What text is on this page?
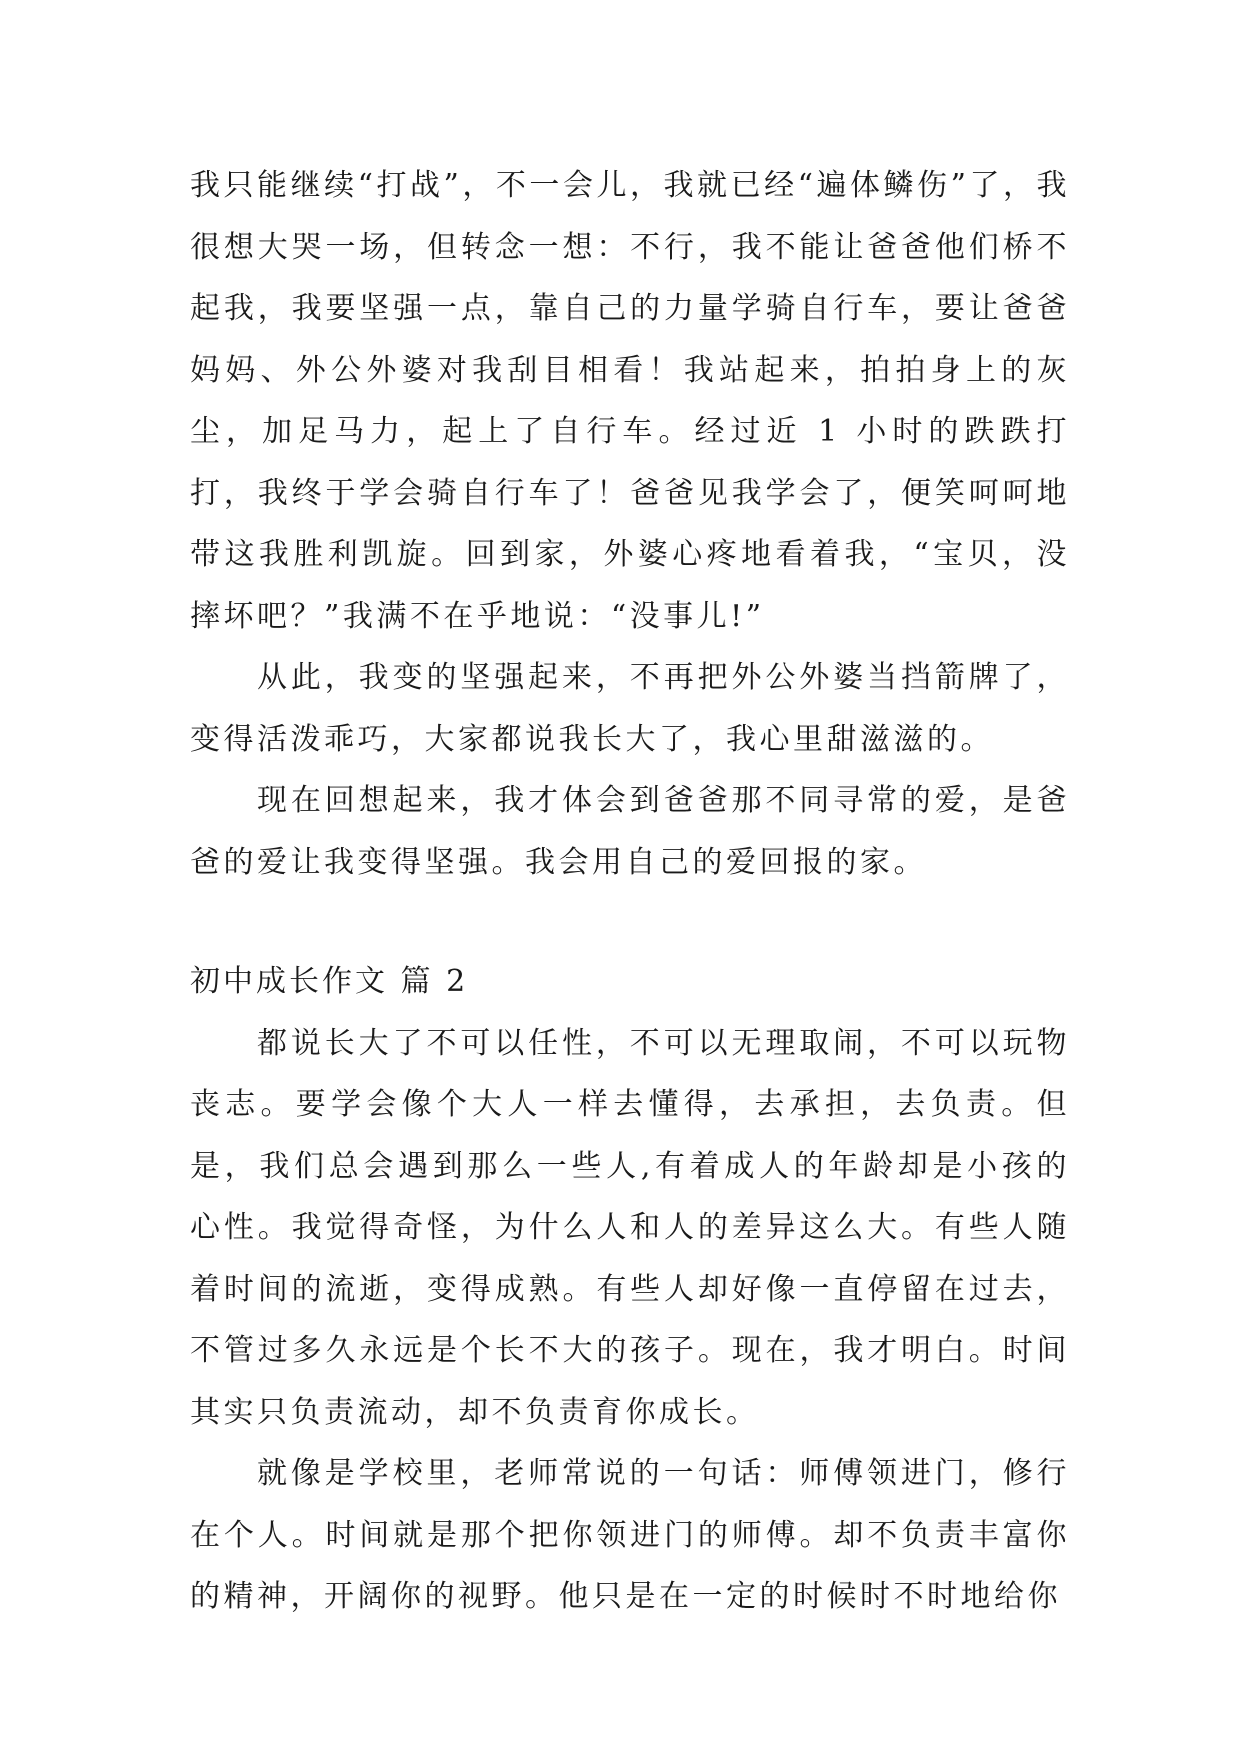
我只能继续“打战”，不一会儿，我就已经“遍体鳞伤”了，我很想大哭一场，但转念一想：不行，我不能让爸爸他们桥不起我，我要坚强一点，靠自己的力量学骑自行车，要让爸爸妈妈、外公外婆对我刮目相看！我站起来，拍拍身上的灰尘，加足马力，起上了自行车。经过近 1 小时的跌跌打打，我终于学会骑自行车了！爸爸见我学会了，便笑呵呵地带这我胜利凯旋。回到家，外婆心疼地看着我，“宝贝，没摔坏吧？”我满不在乎地说：“没事儿!”

从此，我变的坚强起来，不再把外公外婆当挡箭牌了，变得活泼乖巧，大家都说我长大了，我心里甜滋滋的。

现在回想起来，我才体会到爸爸那不同寻常的爱，是爸爸的爱让我变得坚强。我会用自己的爱回报的家。

初中成长作文 篇 2

都说长大了不可以任性，不可以无理取闹，不可以玩物丧志。要学会像个大人一样去懂得，去承担，去负责。但是，我们总会遇到那么一些人,有着成人的年龄却是小孩的心性。我觉得奇怪，为什么人和人的差异这么大。有些人随着时间的流逝，变得成熟。有些人却好像一直停留在过去，不管过多久永远是个长不大的孩子。现在，我才明白。时间其实只负责流动，却不负责育你成长。

就像是学校里，老师常说的一句话：师傅领进门，修行在个人。时间就是那个把你领进门的师傅。却不负责丰富你的精神，开阔你的视野。他只是在一定的时候时不时地给你
